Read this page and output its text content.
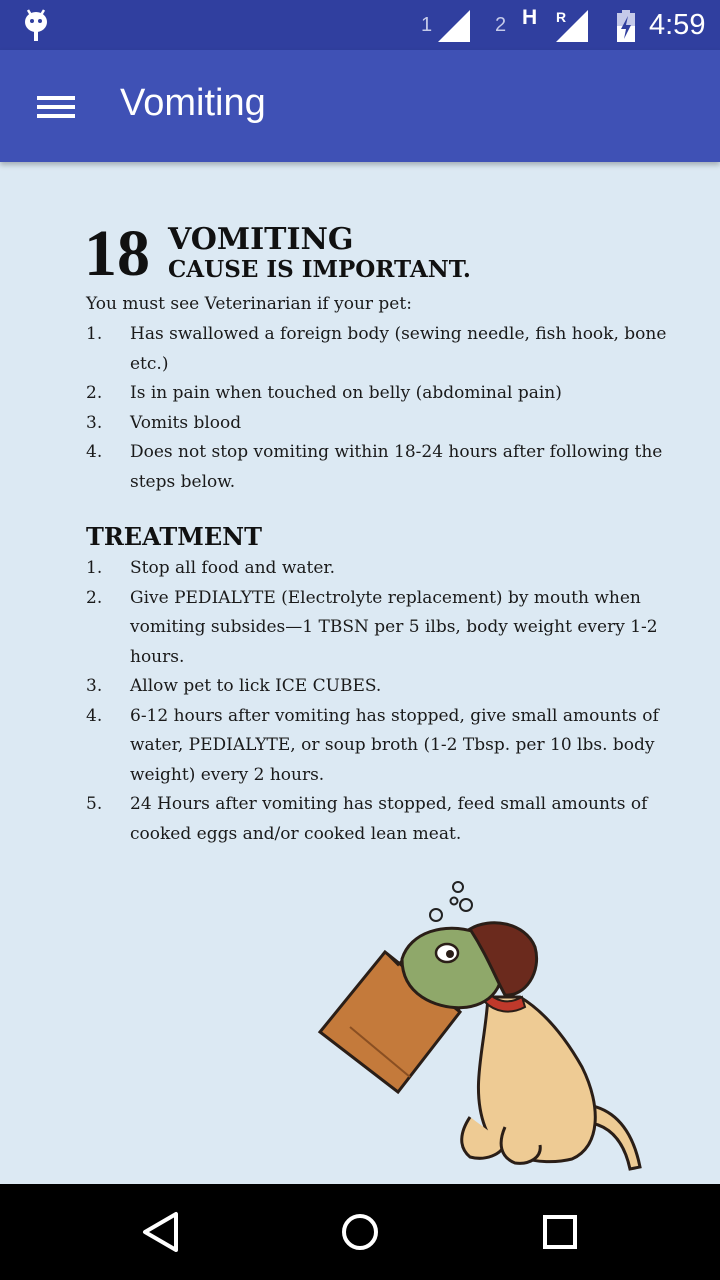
1	2 H R	4:59
Vomiting
18 VOMITING
CAUSE IS IMPORTANT.
You must see Veterinarian if your pet:
1. Has swallowed a foreign body (sewing needle, fish hook, bone etc.)
2. Is in pain when touched on belly (abdominal pain)
3. Vomits blood
4. Does not stop vomiting within 18-24 hours after following the steps below.
TREATMENT
1. Stop all food and water.
2. Give PEDIALYTE (Electrolyte replacement) by mouth when vomiting subsides—1 TBSN per 5 ilbs, body weight every 1-2 hours.
3. Allow pet to lick ICE CUBES.
4. 6-12 hours after vomiting has stopped, give small amounts of water, PEDIALYTE, or soup broth (1-2 Tbsp. per 10 lbs. body weight) every 2 hours.
5. 24 Hours after vomiting has stopped, feed small amounts of cooked eggs and/or cooked lean meat.
